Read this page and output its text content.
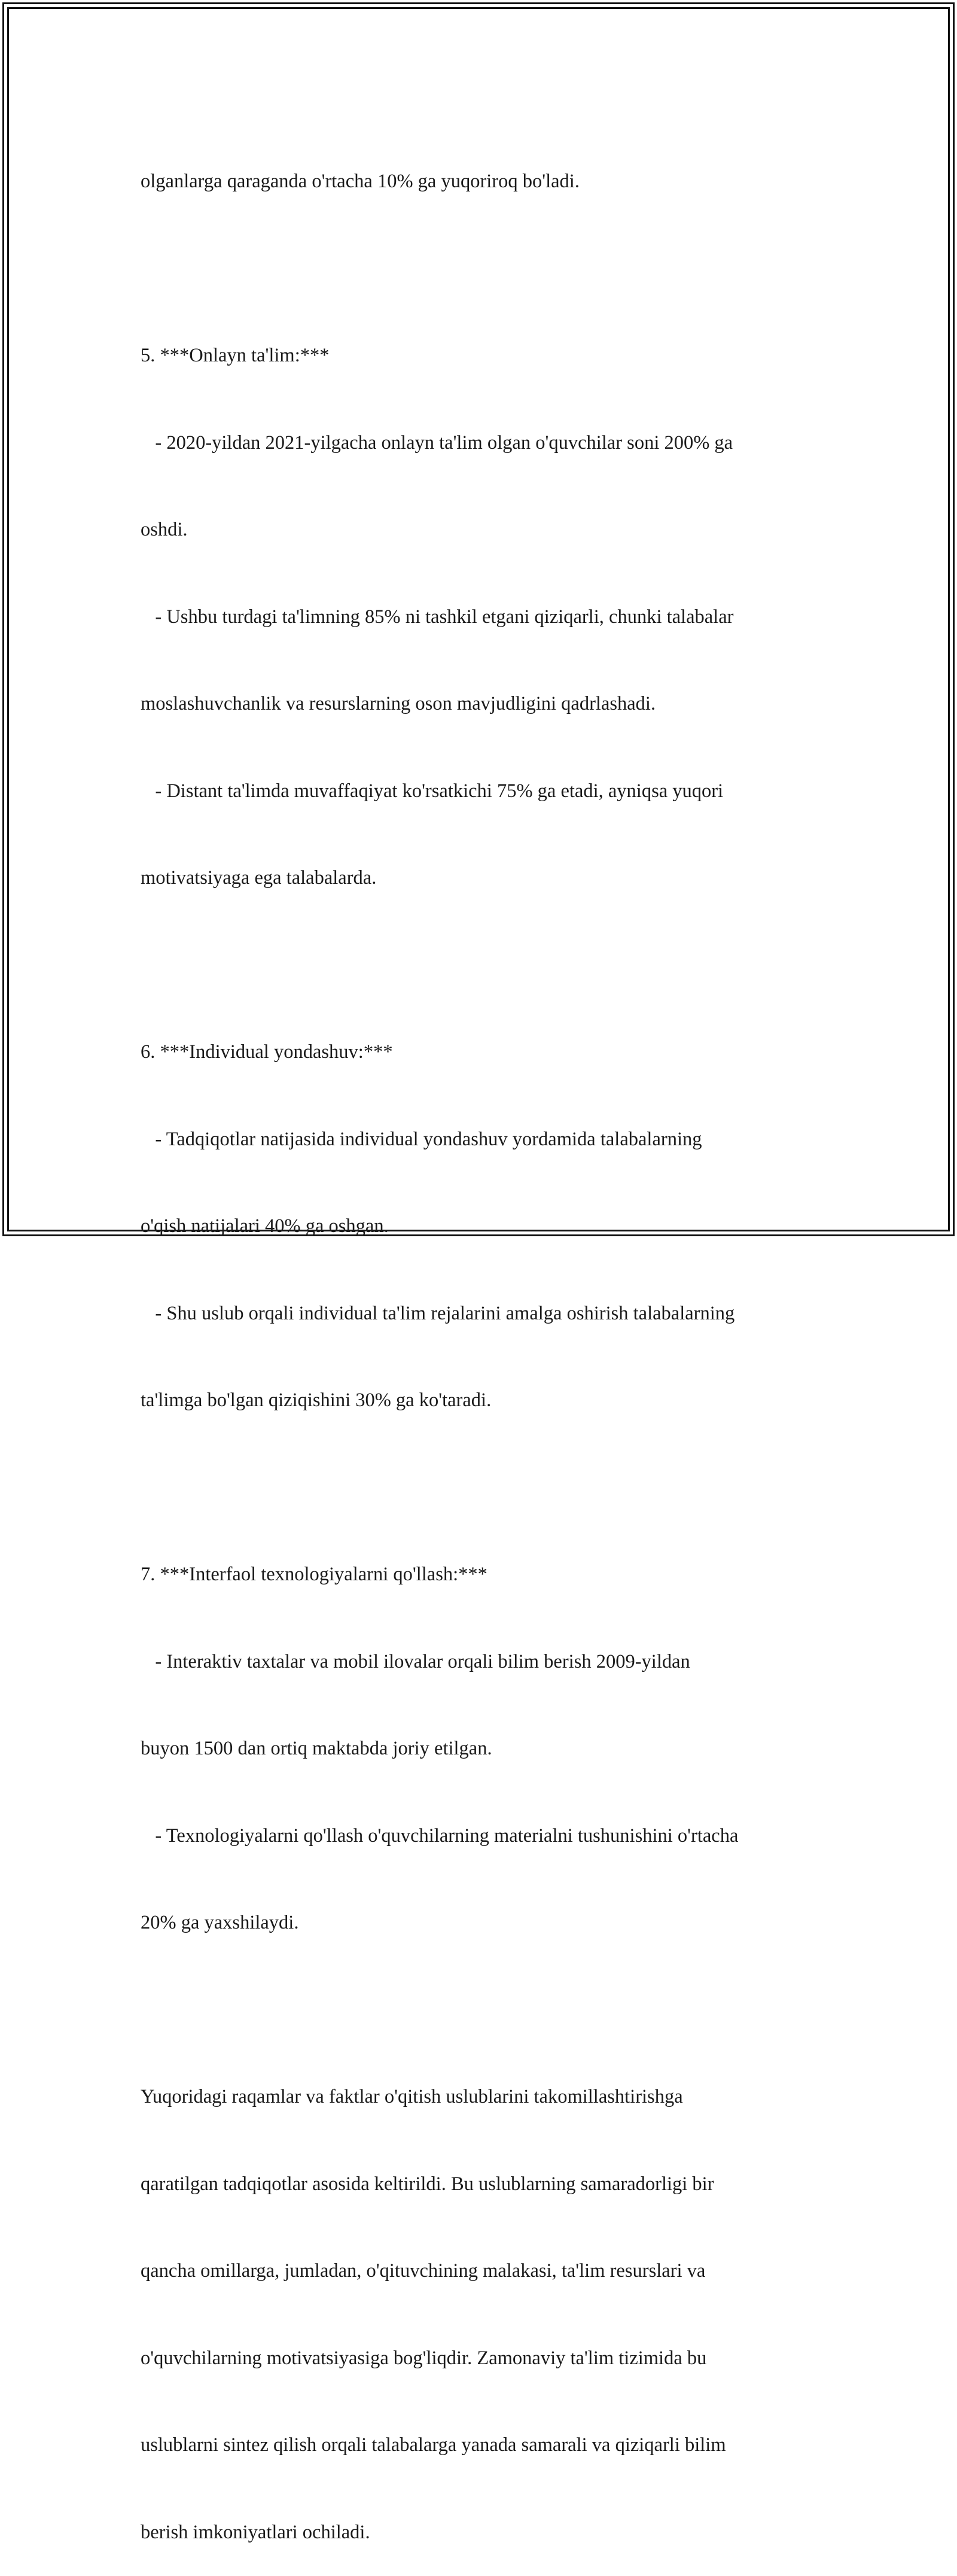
olganlarga qaraganda o'rtacha 10% ga yuqoriroq bo'ladi.

5. ***Onlayn ta'lim:***

- 2020-yildan 2021-yilgacha onlayn ta'lim olgan o'quvchilar soni 200% ga

oshdi.

- Ushbu turdagi ta'limning 85% ni tashkil etgani qiziqarli, chunki talabalar

moslashuvchanlik va resurslarning oson mavjudligini qadrlashadi.

- Distant ta'limda muvaffaqiyat ko'rsatkichi 75% ga etadi, ayniqsa yuqori

motivatsiyaga ega talabalarda.

6. ***Individual yondashuv:***

- Tadqiqotlar natijasida individual yondashuv yordamida talabalarning

o'qish natijalari 40% ga oshgan.

- Shu uslub orqali individual ta'lim rejalarini amalga oshirish talabalarning

ta'limga bo'lgan qiziqishini 30% ga ko'taradi.

7. ***Interfaol texnologiyalarni qo'llash:***

- Interaktiv taxtalar va mobil ilovalar orqali bilim berish 2009-yildan

buyon 1500 dan ortiq maktabda joriy etilgan.

- Texnologiyalarni qo'llash o'quvchilarning materialni tushunishini o'rtacha

20% ga yaxshilaydi.

Yuqoridagi raqamlar va faktlar o'qitish uslublarini takomillashtirishga

qaratilgan tadqiqotlar asosida keltirildi. Bu uslublarning samaradorligi bir

qancha omillarga, jumladan, o'qituvchining malakasi, ta'lim resurslari va

o'quvchilarning motivatsiyasiga bog'liqdir. Zamonaviy ta'lim tizimida bu

uslublarni sintez qilish orqali talabalarga yanada samarali va qiziqarli bilim

berish imkoniyatlari ochiladi.
